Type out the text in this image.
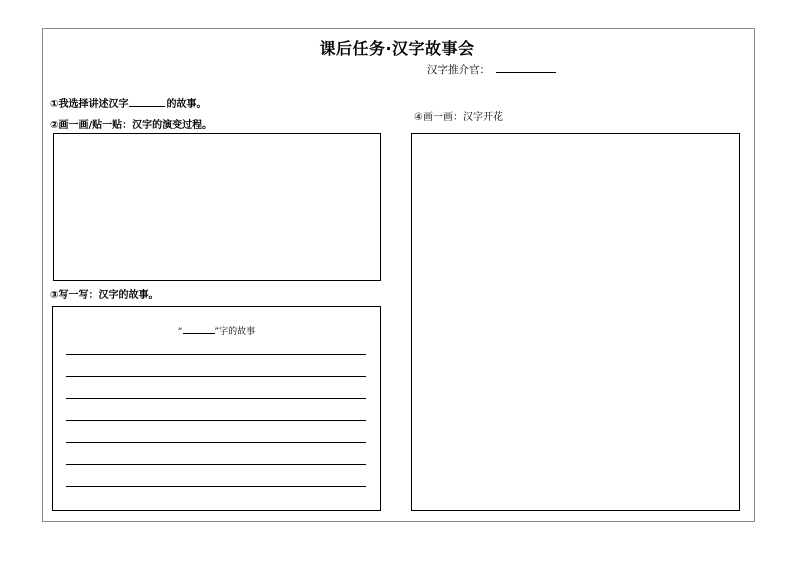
课后任务·汉字故事会
汉字推介官：
①我选择讲述汉字	的故事。
②画一画/贴一贴：汉字的演变过程。
③写一写：汉字的故事。
“	”字的故事
④画一画：汉字开花
